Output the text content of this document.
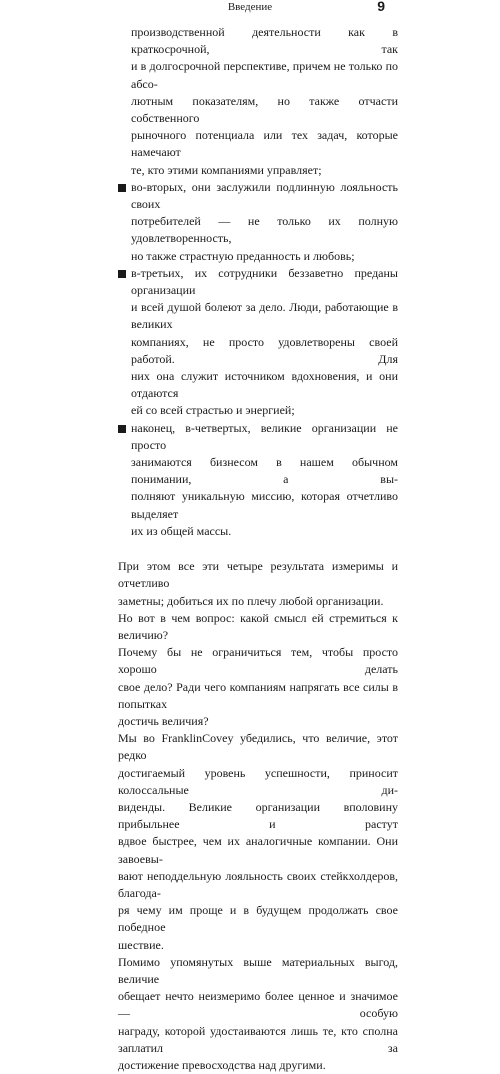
Введение	9
производственной деятельности как в краткосрочной, так
и в долгосрочной перспективе, причем не только по абсо-
лютным показателям, но также отчасти собственного
рыночного потенциала или тех задач, которые намечают
те, кто этими компаниями управляет;
во-вторых, они заслужили подлинную лояльность своих
потребителей — не только их полную удовлетворенность,
но также страстную преданность и любовь;
в-третьих, их сотрудники беззаветно преданы организации
и всей душой болеют за дело. Люди, работающие в великих
компаниях, не просто удовлетворены своей работой. Для
них она служит источником вдохновения, и они отдаются
ей со всей страстью и энергией;
наконец, в-четвертых, великие организации не просто
занимаются бизнесом в нашем обычном понимании, а вы-
полняют уникальную миссию, которая отчетливо выделяет
их из общей массы.
При этом все эти четыре результата измеримы и отчетливо
заметны; добиться их по плечу любой организации.
Но вот в чем вопрос: какой смысл ей стремиться к величию?
Почему бы не ограничиться тем, чтобы просто хорошо делать
свое дело? Ради чего компаниям напрягать все силы в попытках
достичь величия?
Мы во FranklinCovey убедились, что величие, этот редко
достигаемый уровень успешности, приносит колоссальные ди-
виденды. Великие организации вполовину прибыльнее и растут
вдвое быстрее, чем их аналогичные компании. Они завоевы-
вают неподдельную лояльность своих стейкхолдеров, благода-
ря чему им проще и в будущем продолжать свое победное
шествие.
Помимо упомянутых выше материальных выгод, величие
обещает нечто неизмеримо более ценное и значимое — особую
награду, которой удостаиваются лишь те, кто сполна заплатил за
достижение превосходства над другими.
